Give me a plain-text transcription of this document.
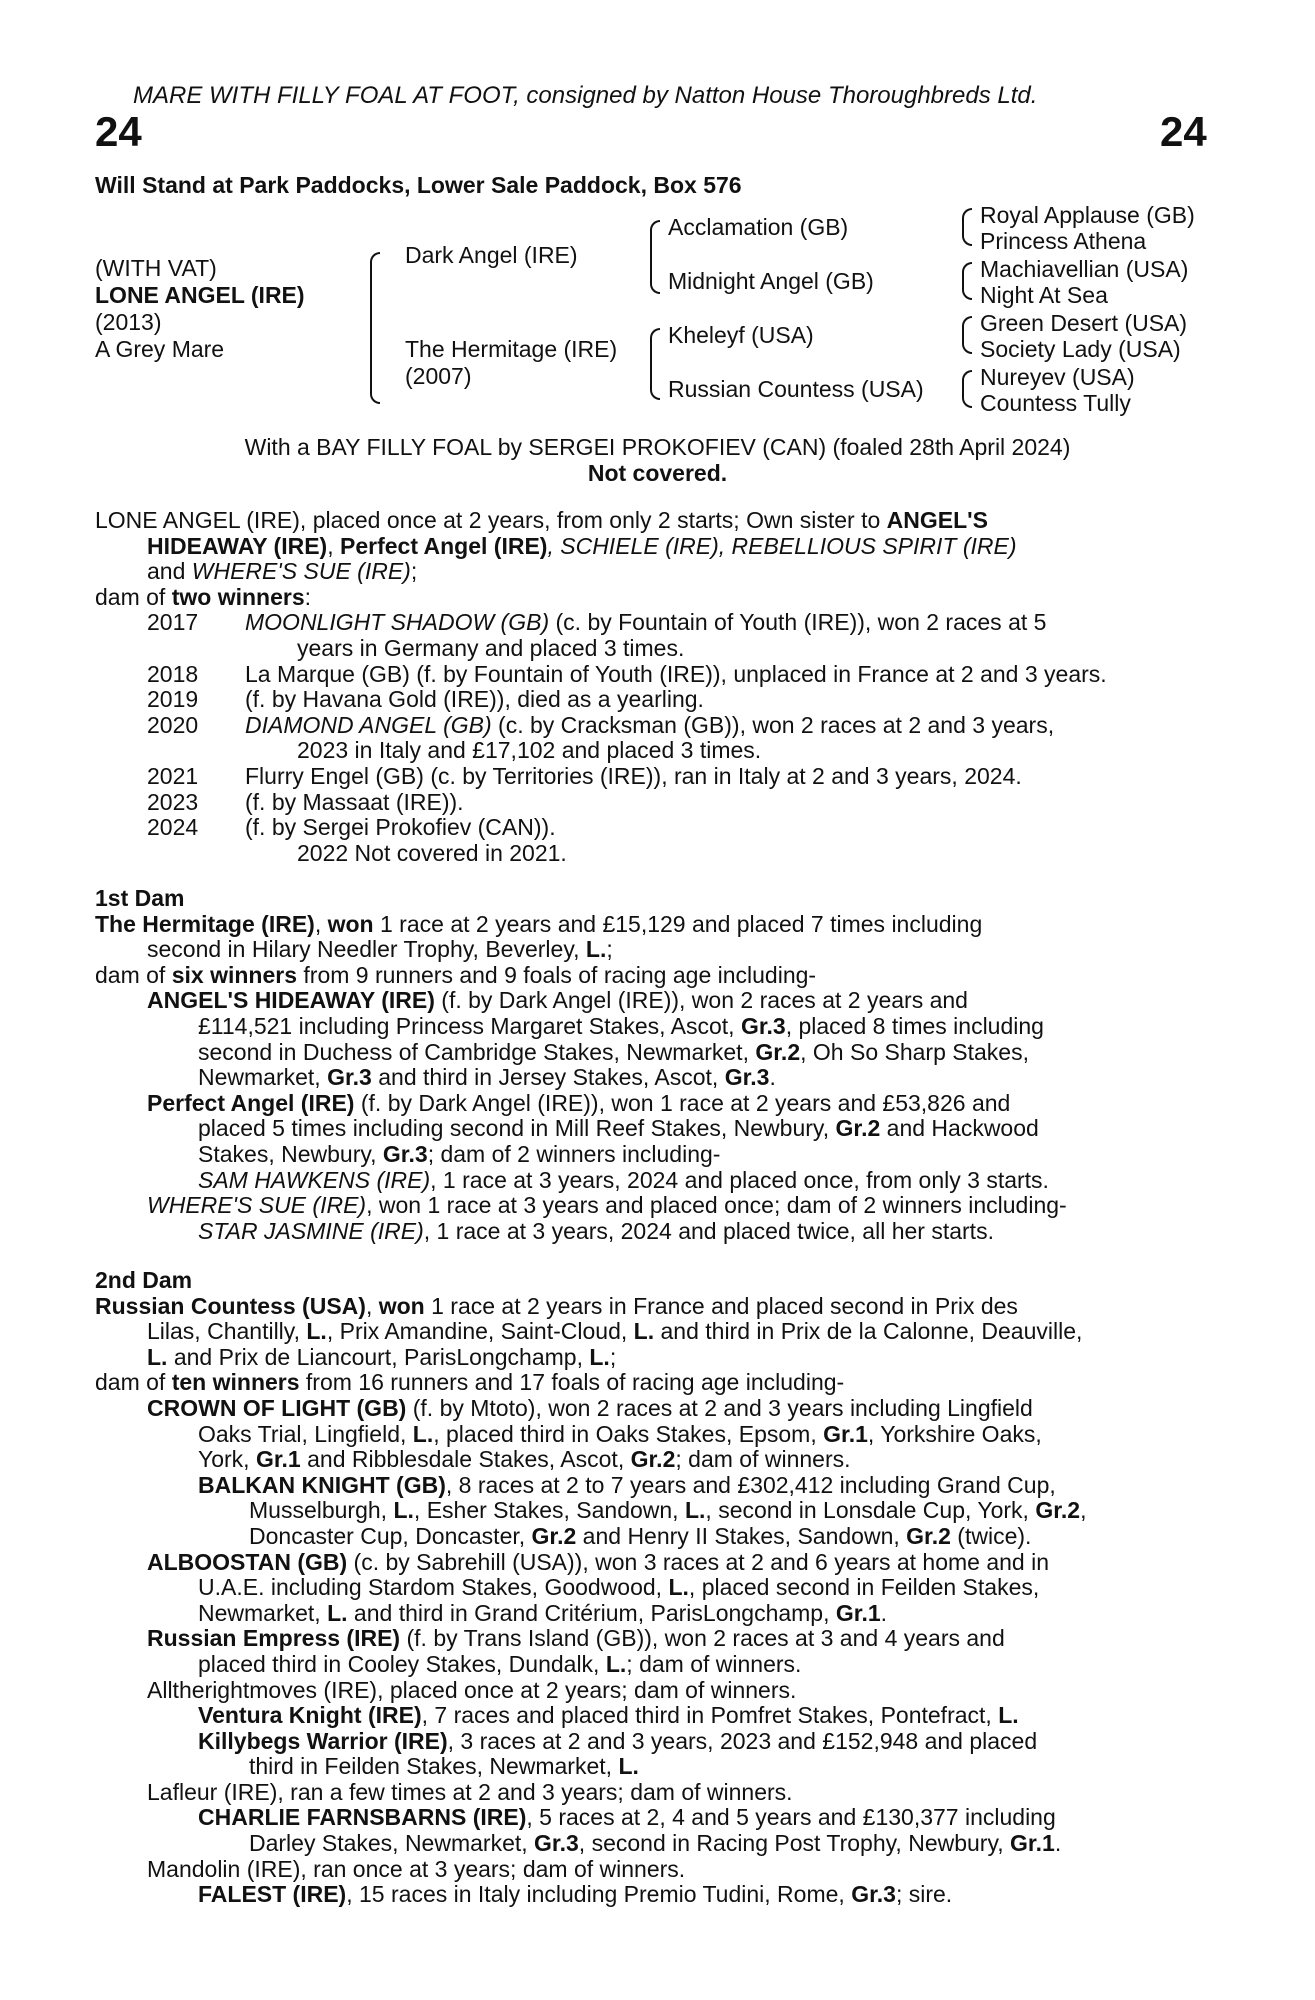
MARE WITH FILLY FOAL AT FOOT, consigned by Natton House Thoroughbreds Ltd.
24	24
Will Stand at Park Paddocks, Lower Sale Paddock, Box 576
(WITH VAT)
LONE ANGEL (IRE)
(2013)
A Grey Mare
Dark Angel (IRE)
The Hermitage (IRE)
(2007)
Acclamation (GB)
Midnight Angel (GB)
Kheleyf (USA)
Russian Countess (USA)
Royal Applause (GB)
Princess Athena
Machiavellian (USA)
Night At Sea
Green Desert (USA)
Society Lady (USA)
Nureyev (USA)
Countess Tully
With a BAY FILLY FOAL by SERGEI PROKOFIEV (CAN) (foaled 28th April 2024)
Not covered.
LONE ANGEL (IRE), placed once at 2 years, from only 2 starts; Own sister to ANGEL'S
HIDEAWAY (IRE), Perfect Angel (IRE), SCHIELE (IRE), REBELLIOUS SPIRIT (IRE)
and WHERE'S SUE (IRE);
dam of two winners:
2017 MOONLIGHT SHADOW (GB) (c. by Fountain of Youth (IRE)), won 2 races at 5
years in Germany and placed 3 times.
2018 La Marque (GB) (f. by Fountain of Youth (IRE)), unplaced in France at 2 and 3 years.
2019 (f. by Havana Gold (IRE)), died as a yearling.
2020 DIAMOND ANGEL (GB) (c. by Cracksman (GB)), won 2 races at 2 and 3 years,
2023 in Italy and £17,102 and placed 3 times.
2021 Flurry Engel (GB) (c. by Territories (IRE)), ran in Italy at 2 and 3 years, 2024.
2023 (f. by Massaat (IRE)).
2024 (f. by Sergei Prokofiev (CAN)).
2022 Not covered in 2021.
1st Dam
The Hermitage (IRE), won 1 race at 2 years and £15,129 and placed 7 times including
second in Hilary Needler Trophy, Beverley, L.;
dam of six winners from 9 runners and 9 foals of racing age including-
ANGEL'S HIDEAWAY (IRE) (f. by Dark Angel (IRE)), won 2 races at 2 years and
£114,521 including Princess Margaret Stakes, Ascot, Gr.3, placed 8 times including
second in Duchess of Cambridge Stakes, Newmarket, Gr.2, Oh So Sharp Stakes,
Newmarket, Gr.3 and third in Jersey Stakes, Ascot, Gr.3.
Perfect Angel (IRE) (f. by Dark Angel (IRE)), won 1 race at 2 years and £53,826 and
placed 5 times including second in Mill Reef Stakes, Newbury, Gr.2 and Hackwood
Stakes, Newbury, Gr.3; dam of 2 winners including-
SAM HAWKENS (IRE), 1 race at 3 years, 2024 and placed once, from only 3 starts.
WHERE'S SUE (IRE), won 1 race at 3 years and placed once; dam of 2 winners including-
STAR JASMINE (IRE), 1 race at 3 years, 2024 and placed twice, all her starts.
2nd Dam
Russian Countess (USA), won 1 race at 2 years in France and placed second in Prix des
Lilas, Chantilly, L., Prix Amandine, Saint-Cloud, L. and third in Prix de la Calonne, Deauville,
L. and Prix de Liancourt, ParisLongchamp, L.;
dam of ten winners from 16 runners and 17 foals of racing age including-
CROWN OF LIGHT (GB) (f. by Mtoto), won 2 races at 2 and 3 years including Lingfield
Oaks Trial, Lingfield, L., placed third in Oaks Stakes, Epsom, Gr.1, Yorkshire Oaks,
York, Gr.1 and Ribblesdale Stakes, Ascot, Gr.2; dam of winners.
BALKAN KNIGHT (GB), 8 races at 2 to 7 years and £302,412 including Grand Cup,
Musselburgh, L., Esher Stakes, Sandown, L., second in Lonsdale Cup, York, Gr.2,
Doncaster Cup, Doncaster, Gr.2 and Henry II Stakes, Sandown, Gr.2 (twice).
ALBOOSTAN (GB) (c. by Sabrehill (USA)), won 3 races at 2 and 6 years at home and in
U.A.E. including Stardom Stakes, Goodwood, L., placed second in Feilden Stakes,
Newmarket, L. and third in Grand Critérium, ParisLongchamp, Gr.1.
Russian Empress (IRE) (f. by Trans Island (GB)), won 2 races at 3 and 4 years and
placed third in Cooley Stakes, Dundalk, L.; dam of winners.
Alltherightmoves (IRE), placed once at 2 years; dam of winners.
Ventura Knight (IRE), 7 races and placed third in Pomfret Stakes, Pontefract, L.
Killybegs Warrior (IRE), 3 races at 2 and 3 years, 2023 and £152,948 and placed
third in Feilden Stakes, Newmarket, L.
Lafleur (IRE), ran a few times at 2 and 3 years; dam of winners.
CHARLIE FARNSBARNS (IRE), 5 races at 2, 4 and 5 years and £130,377 including
Darley Stakes, Newmarket, Gr.3, second in Racing Post Trophy, Newbury, Gr.1.
Mandolin (IRE), ran once at 3 years; dam of winners.
FALEST (IRE), 15 races in Italy including Premio Tudini, Rome, Gr.3; sire.
